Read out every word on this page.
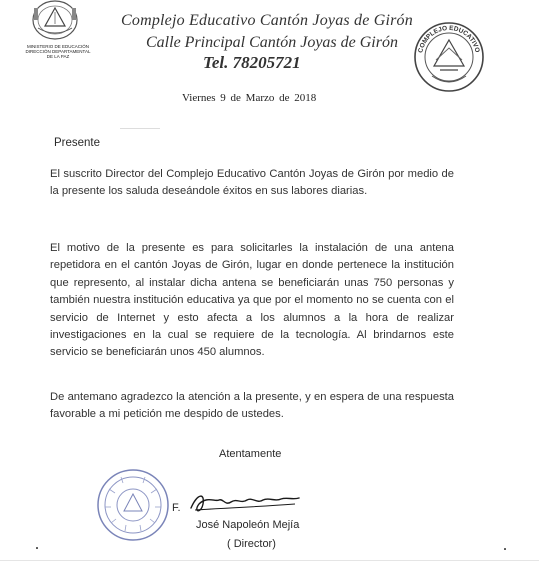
MINISTERIO DE EDUCACIÓN
DIRECCIÓN DEPARTAMENTAL
DE LA PAZ
Complejo Educativo Cantón Joyas de Girón
Calle Principal Cantón Joyas de Girón
Tel. 78205721
COMPLEJO EDUCATIVO
Viernes 9 de Marzo de 2018
Presente
El suscrito Director del Complejo Educativo Cantón Joyas de Girón por medio de la presente los saluda deseándole éxitos en sus labores diarias.
El motivo de la presente es para solicitarles la instalación de una antena repetidora en el cantón Joyas de Girón, lugar en donde pertenece la institución que represento, al instalar dicha antena se beneficiarán unas 750 personas y también nuestra institución educativa ya que por el momento no se cuenta con el servicio de Internet y esto afecta a los alumnos a la hora de realizar investigaciones en la cual se requiere de la tecnología. Al brindarnos este servicio se beneficiarán unos 450 alumnos.
De antemano agradezco la atención a la presente, y en espera de una respuesta favorable a mi petición me despido de ustedes.
Atentamente
F.
José Napoleón Mejía
( Director)
